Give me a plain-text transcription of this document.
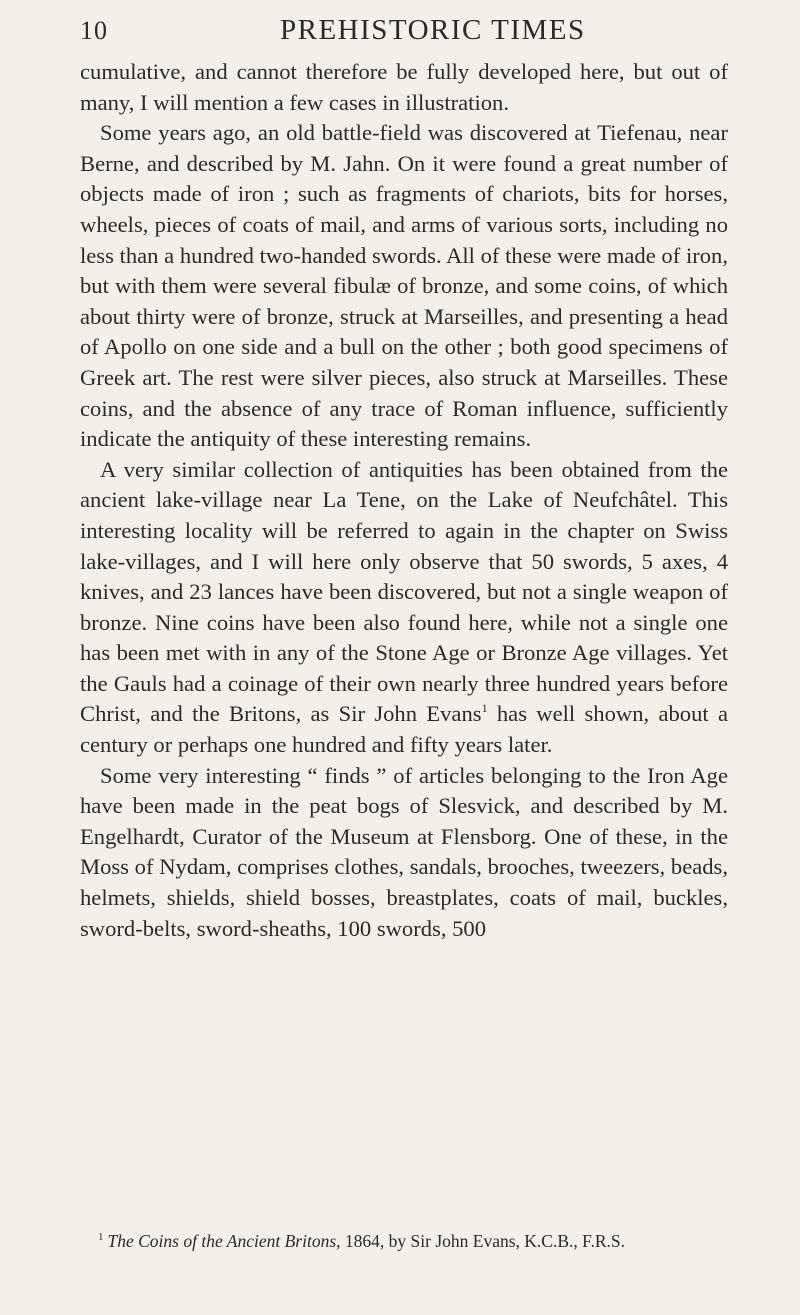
10	PREHISTORIC TIMES

cumulative, and cannot therefore be fully developed here, but out of many, I will mention a few cases in illustration.

Some years ago, an old battle-field was discovered at Tiefenau, near Berne, and described by M. Jahn. On it were found a great number of objects made of iron ; such as fragments of chariots, bits for horses, wheels, pieces of coats of mail, and arms of various sorts, including no less than a hundred two-handed swords. All of these were made of iron, but with them were several fibulæ of bronze, and some coins, of which about thirty were of bronze, struck at Marseilles, and presenting a head of Apollo on one side and a bull on the other ; both good specimens of Greek art. The rest were silver pieces, also struck at Marseilles. These coins, and the absence of any trace of Roman influence, sufficiently indicate the antiquity of these interesting remains.

A very similar collection of antiquities has been obtained from the ancient lake-village near La Tene, on the Lake of Neufchâtel. This interesting locality will be referred to again in the chapter on Swiss lake-villages, and I will here only observe that 50 swords, 5 axes, 4 knives, and 23 lances have been discovered, but not a single weapon of bronze. Nine coins have been also found here, while not a single one has been met with in any of the Stone Age or Bronze Age villages. Yet the Gauls had a coinage of their own nearly three hundred years before Christ, and the Britons, as Sir John Evans$^1$ has well shown, about a century or perhaps one hundred and fifty years later.

Some very interesting “ finds ” of articles belonging to the Iron Age have been made in the peat bogs of Slesvick, and described by M. Engelhardt, Curator of the Museum at Flensborg. One of these, in the Moss of Nydam, comprises clothes, sandals, brooches, tweezers, beads, helmets, shields, shield bosses, breastplates, coats of mail, buckles, sword-belts, sword-sheaths, 100 swords, 500

$^1$ The Coins of the Ancient Britons, 1864, by Sir John Evans, K.C.B., F.R.S.
